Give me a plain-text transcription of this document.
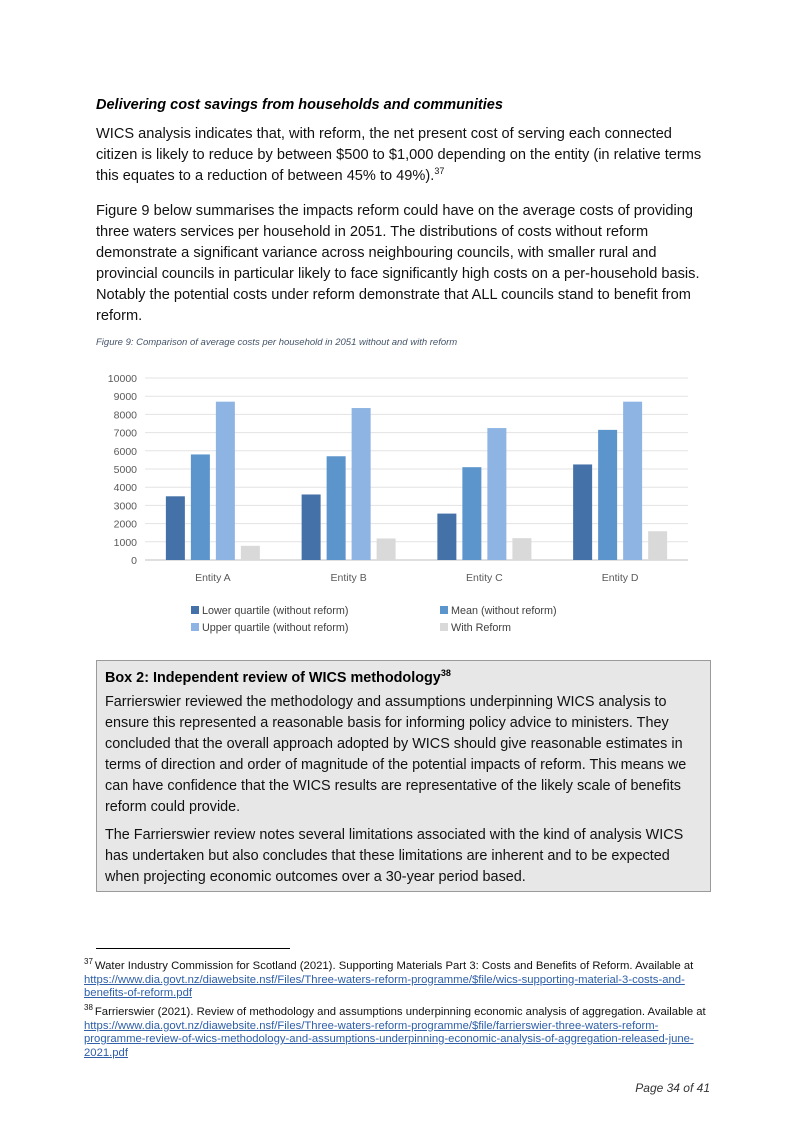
Delivering cost savings from households and communities

WICS analysis indicates that, with reform, the net present cost of serving each connected citizen is likely to reduce by between $500 to $1,000 depending on the entity (in relative terms this equates to a reduction of between 45% to 49%).$^{37}$

Figure 9 below summarises the impacts reform could have on the average costs of providing three waters services per household in 2051. The distributions of costs without reform demonstrate a significant variance across neighbouring councils, with smaller rural and provincial councils in particular likely to face significantly high costs on a per-household basis. Notably the potential costs under reform demonstrate that ALL councils stand to benefit from reform.

Figure 9: Comparison of average costs per household in 2051 without and with reform
0
1000
2000
3000
4000
5000
6000
7000
8000
9000
10000
Entity A	Entity B	Entity C	Entity D
Lower quartile (without reform)	Mean (without reform)
Upper quartile (without reform)	With Reform
Box 2: Independent review of WICS methodology$^{38}$

Farrierswier reviewed the methodology and assumptions underpinning WICS analysis to ensure this represented a reasonable basis for informing policy advice to ministers. They concluded that the overall approach adopted by WICS should give reasonable estimates in terms of direction and order of magnitude of the potential impacts of reform. This means we can have confidence that the WICS results are representative of the likely scale of benefits reform could provide.

The Farrierswier review notes several limitations associated with the kind of analysis WICS has undertaken but also concludes that these limitations are inherent and to be expected when projecting economic outcomes over a 30-year period based.

$^{37}$ Water Industry Commission for Scotland (2021). Supporting Materials Part 3: Costs and Benefits of Reform. Available at https://www.dia.govt.nz/diawebsite.nsf/Files/Three-waters-reform-programme/$file/wics-supporting-material-3-costs-and-benefits-of-reform.pdf
$^{38}$ Farrierswier (2021). Review of methodology and assumptions underpinning economic analysis of aggregation. Available at https://www.dia.govt.nz/diawebsite.nsf/Files/Three-waters-reform-programme/$file/farrierswier-three-waters-reform-programme-review-of-wics-methodology-and-assumptions-underpinning-economic-analysis-of-aggregation-released-june-2021.pdf
Page 34 of 41
